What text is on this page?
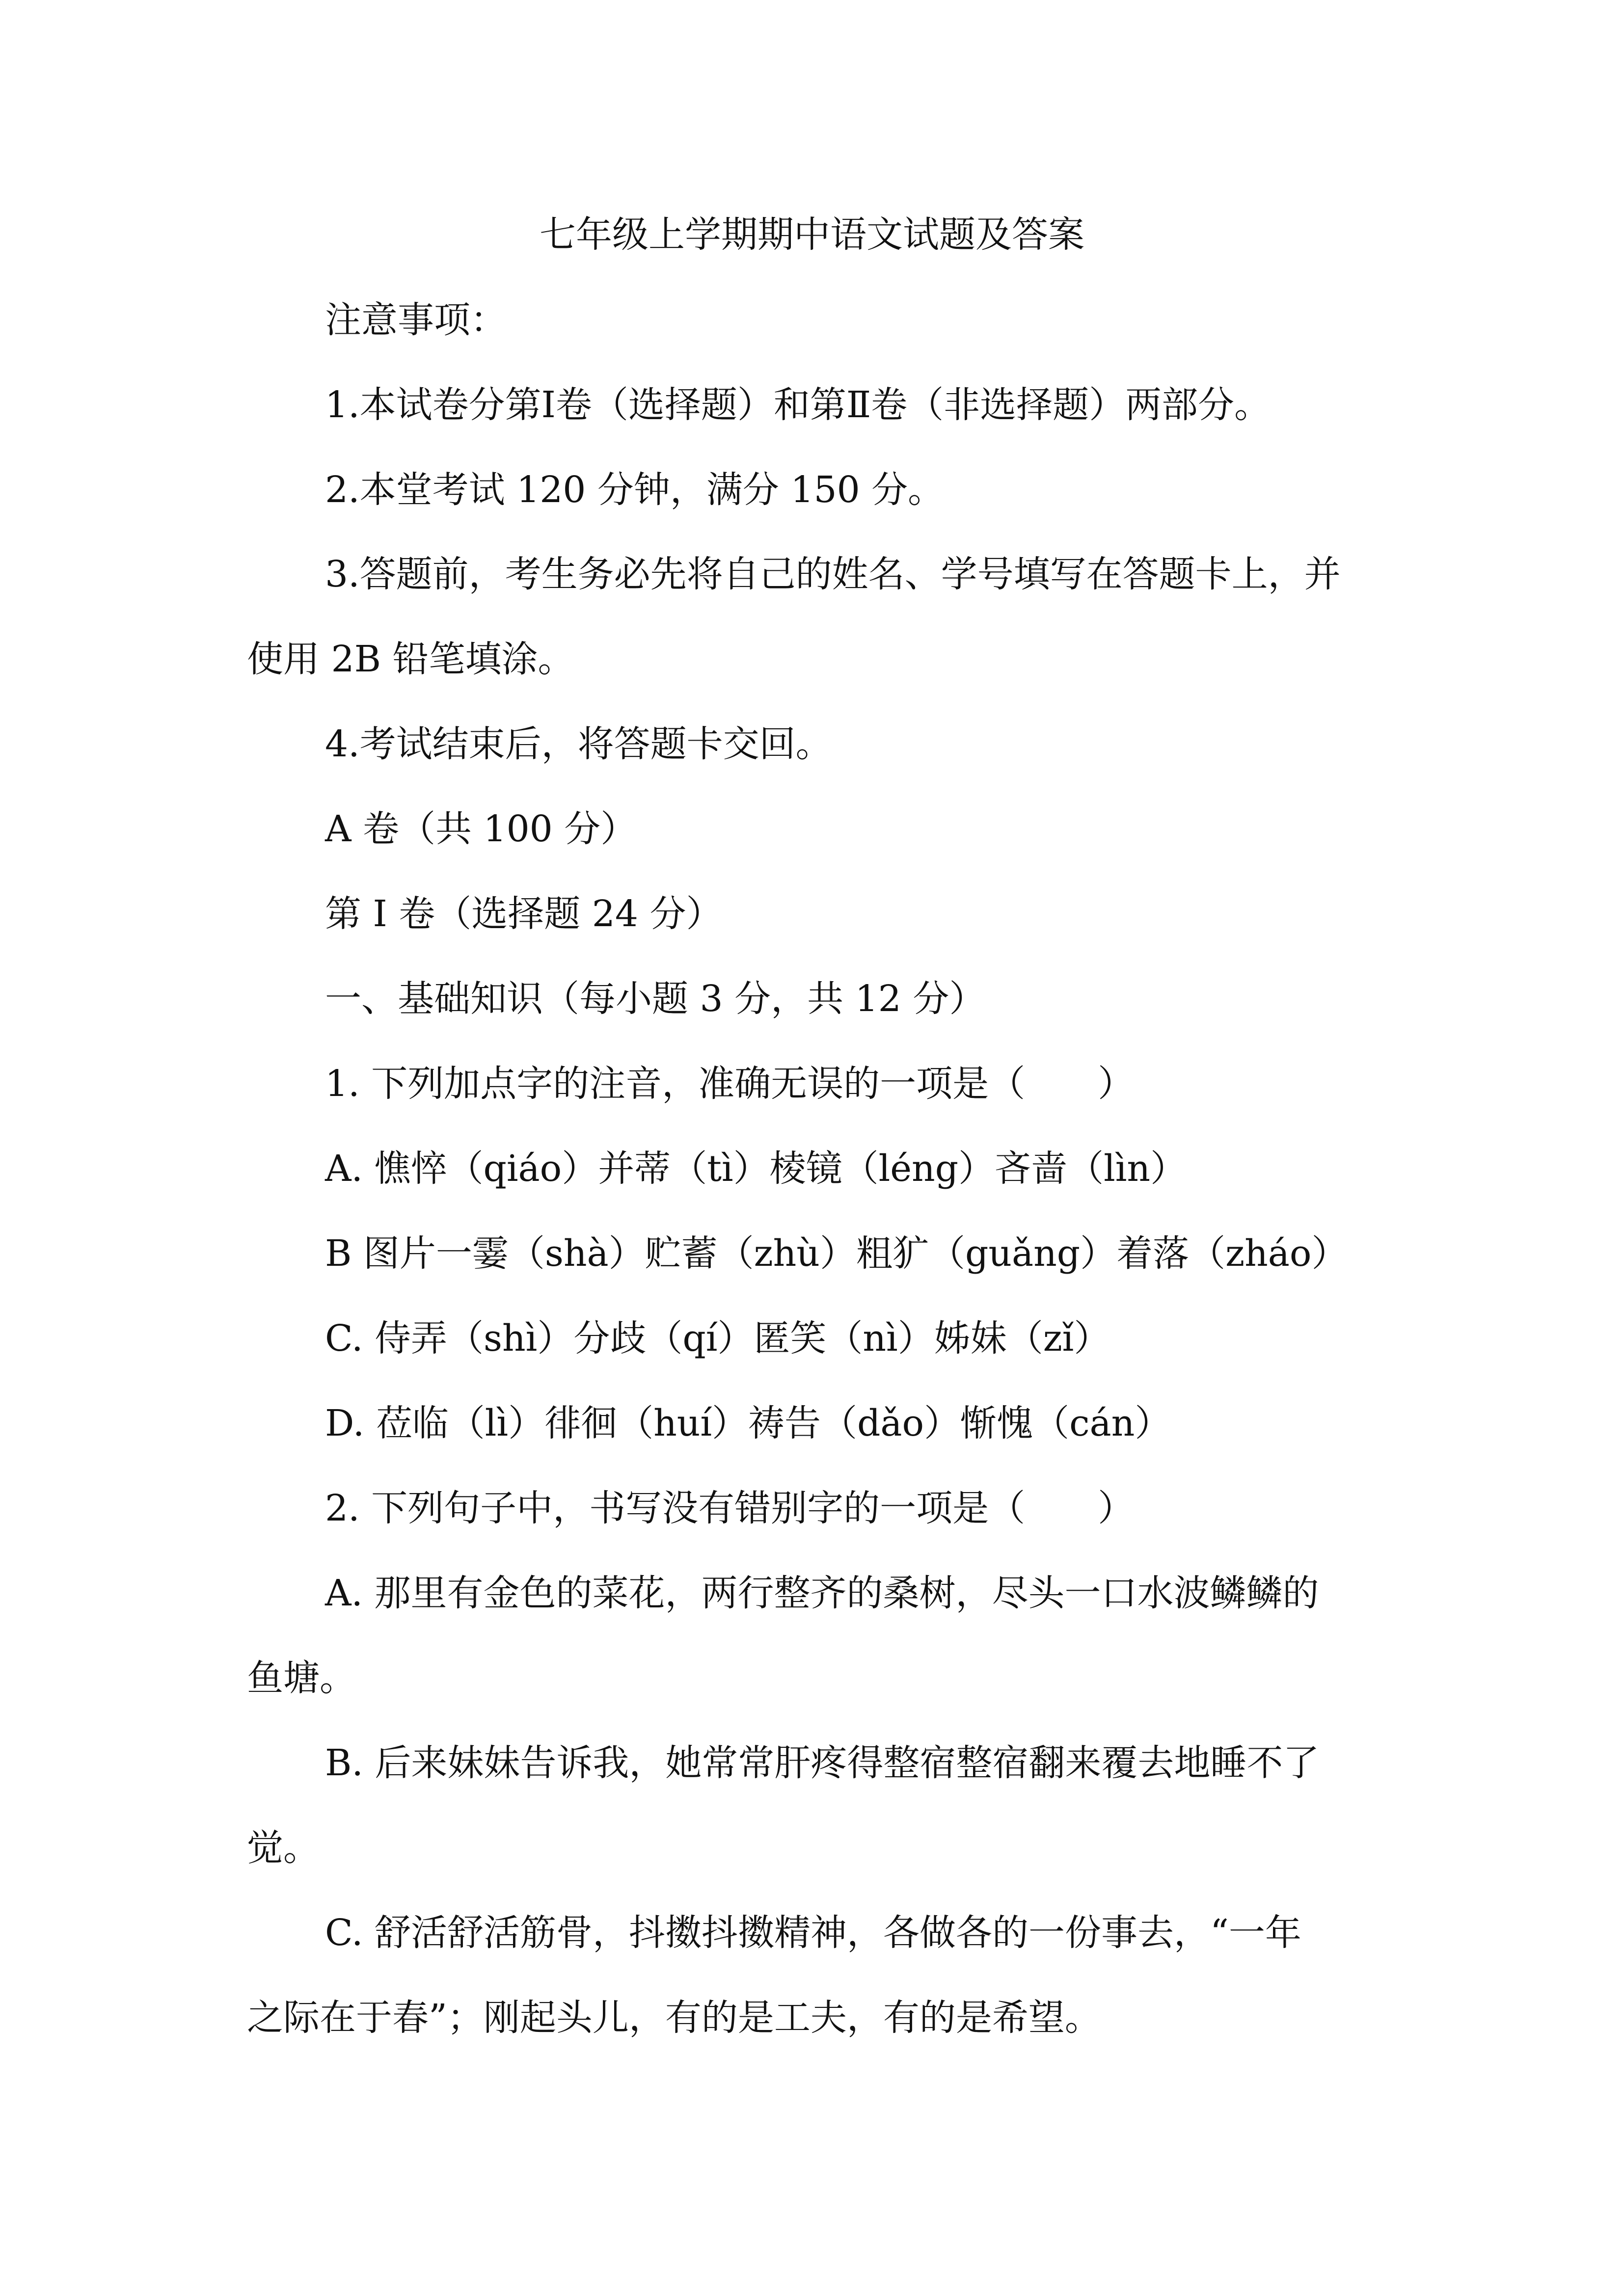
七年级上学期期中语文试题及答案
注意事项：
1.本试卷分第Ⅰ卷（选择题）和第Ⅱ卷（非选择题）两部分。
2.本堂考试 120 分钟，满分 150 分。
3.答题前，考生务必先将自己的姓名、学号填写在答题卡上，并
使用 2B 铅笔填涂。
4.考试结束后，将答题卡交回。
A 卷（共 100 分）
第 I 卷（选择题 24 分）
一、基础知识（每小题 3 分，共 12 分）
1. 下列加点字的注音，准确无误的一项是（　　）
A. 憔悴（qiáo）并蒂（tì）棱镜（léng）吝啬（lìn）
B 图片一霎（shà）贮蓄（zhù）粗犷（guǎng）着落（zháo）
C. 侍弄（shì）分歧（qí）匿笑（nì）姊妹（zǐ）
D. 莅临（lì）徘徊（huí）祷告（dǎo）惭愧（cán）
2. 下列句子中，书写没有错别字的一项是（　　）
A. 那里有金色的菜花，两行整齐的桑树，尽头一口水波鳞鳞的
鱼塘。
B. 后来妹妹告诉我，她常常肝疼得整宿整宿翻来覆去地睡不了
觉。
C. 舒活舒活筋骨，抖擞抖擞精神，各做各的一份事去，“一年
之际在于春”；刚起头儿，有的是工夫，有的是希望。
